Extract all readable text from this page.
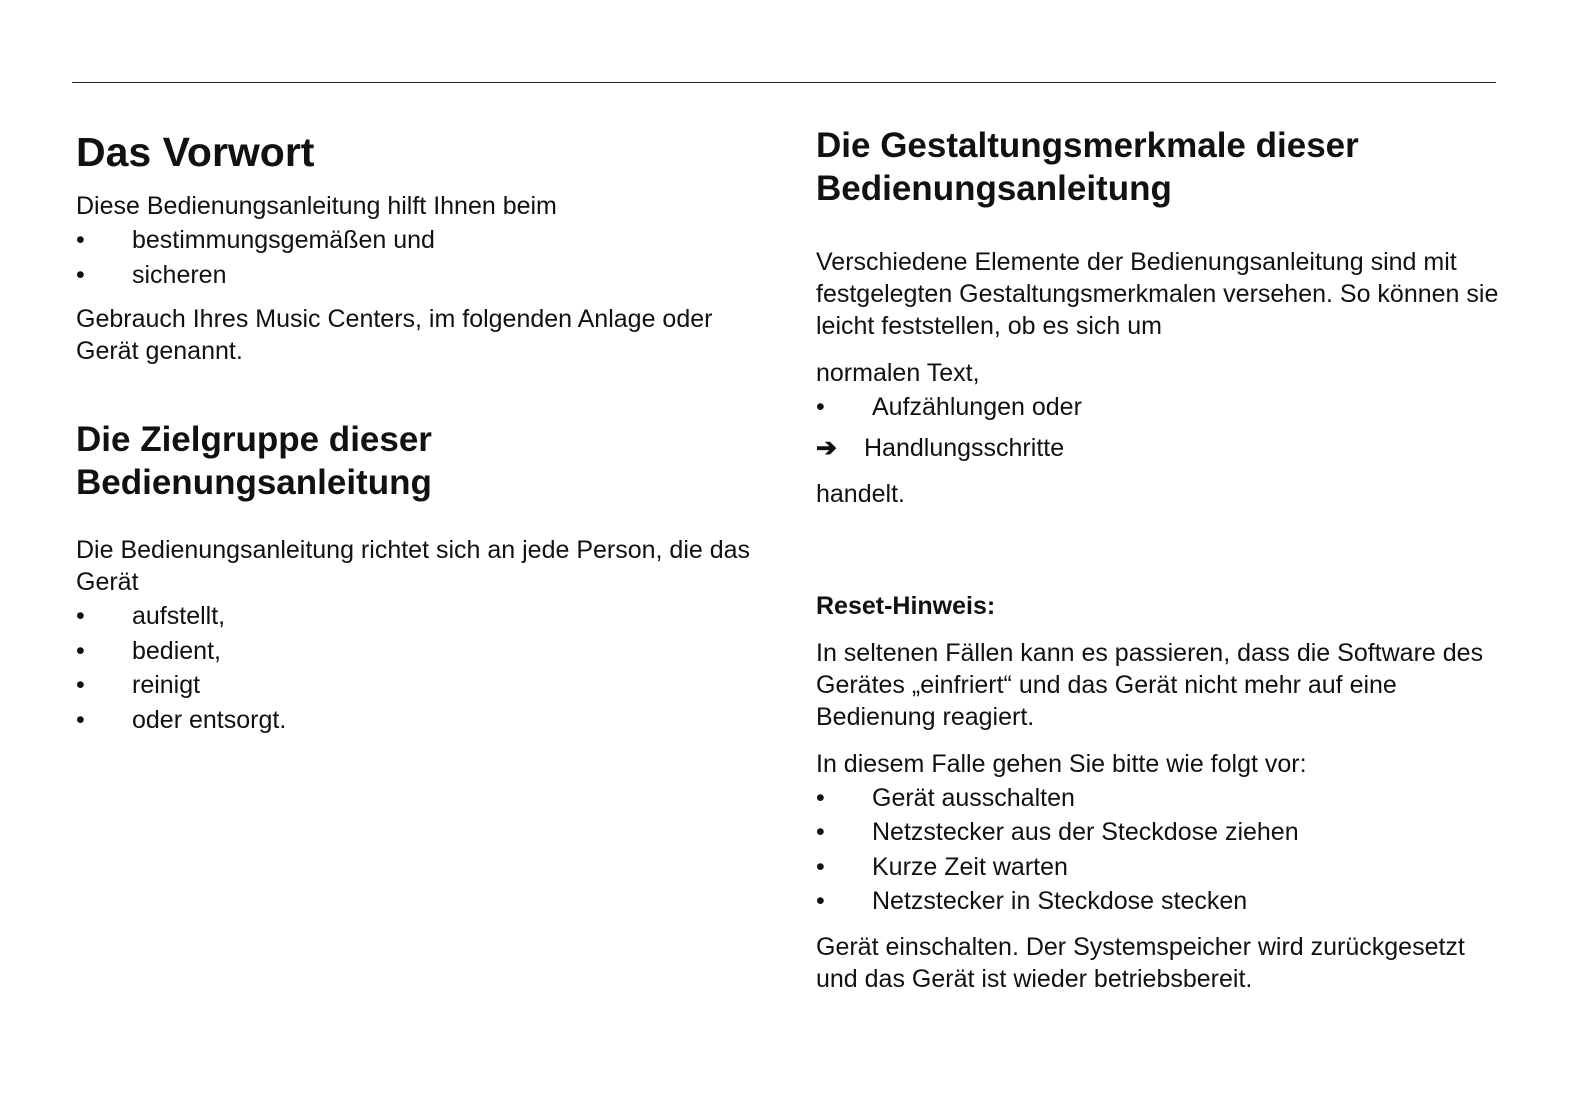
Das Vorwort

Diese Bedienungsanleitung hilft Ihnen beim

•	bestimmungsgemäßen und
•	sicheren

Gebrauch Ihres Music Centers, im folgenden Anlage oder Gerät genannt.

Die Zielgruppe dieser Bedienungsanleitung

Die Bedienungsanleitung richtet sich an jede Person, die das Gerät

•	aufstellt,
•	bedient,
•	reinigt
•	oder entsorgt.
Die Gestaltungsmerkmale dieser Bedienungsanleitung

Verschiedene Elemente der Bedienungsanleitung sind mit festgelegten Gestaltungsmerkmalen versehen. So können sie leicht feststellen, ob es sich um

normalen Text,

•	Aufzählungen oder
➔ Handlungsschritte

handelt.

Reset-Hinweis:

In seltenen Fällen kann es passieren, dass die Software des Gerätes „einfriert“ und das Gerät nicht mehr auf eine Bedienung reagiert.

In diesem Falle gehen Sie bitte wie folgt vor:

•	Gerät ausschalten
•	Netzstecker aus der Steckdose ziehen
•	Kurze Zeit warten
•	Netzstecker in Steckdose stecken

Gerät einschalten. Der Systemspeicher wird zurückgesetzt und das Gerät ist wieder betriebsbereit.
